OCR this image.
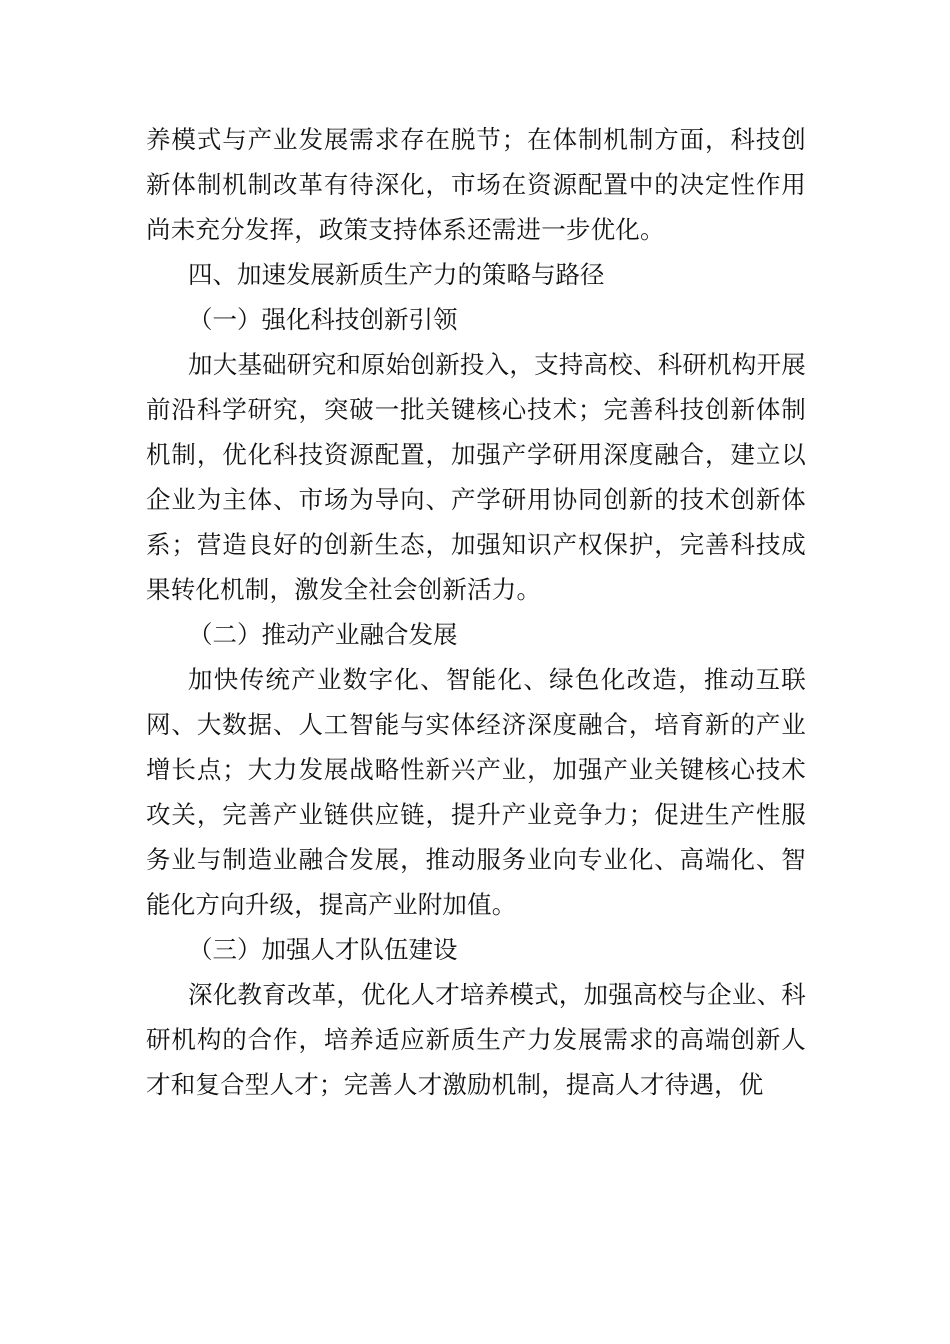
养模式与产业发展需求存在脱节；在体制机制方面，科技创新体制机制改革有待深化，市场在资源配置中的决定性作用尚未充分发挥，政策支持体系还需进一步优化。

四、加速发展新质生产力的策略与路径

（一）强化科技创新引领

加大基础研究和原始创新投入，支持高校、科研机构开展前沿科学研究，突破一批关键核心技术；完善科技创新体制机制，优化科技资源配置，加强产学研用深度融合，建立以企业为主体、市场为导向、产学研用协同创新的技术创新体系；营造良好的创新生态，加强知识产权保护，完善科技成果转化机制，激发全社会创新活力。

（二）推动产业融合发展

加快传统产业数字化、智能化、绿色化改造，推动互联网、大数据、人工智能与实体经济深度融合，培育新的产业增长点；大力发展战略性新兴产业，加强产业关键核心技术攻关，完善产业链供应链，提升产业竞争力；促进生产性服务业与制造业融合发展，推动服务业向专业化、高端化、智能化方向升级，提高产业附加值。

（三）加强人才队伍建设

深化教育改革，优化人才培养模式，加强高校与企业、科研机构的合作，培养适应新质生产力发展需求的高端创新人才和复合型人才；完善人才激励机制，提高人才待遇，优
